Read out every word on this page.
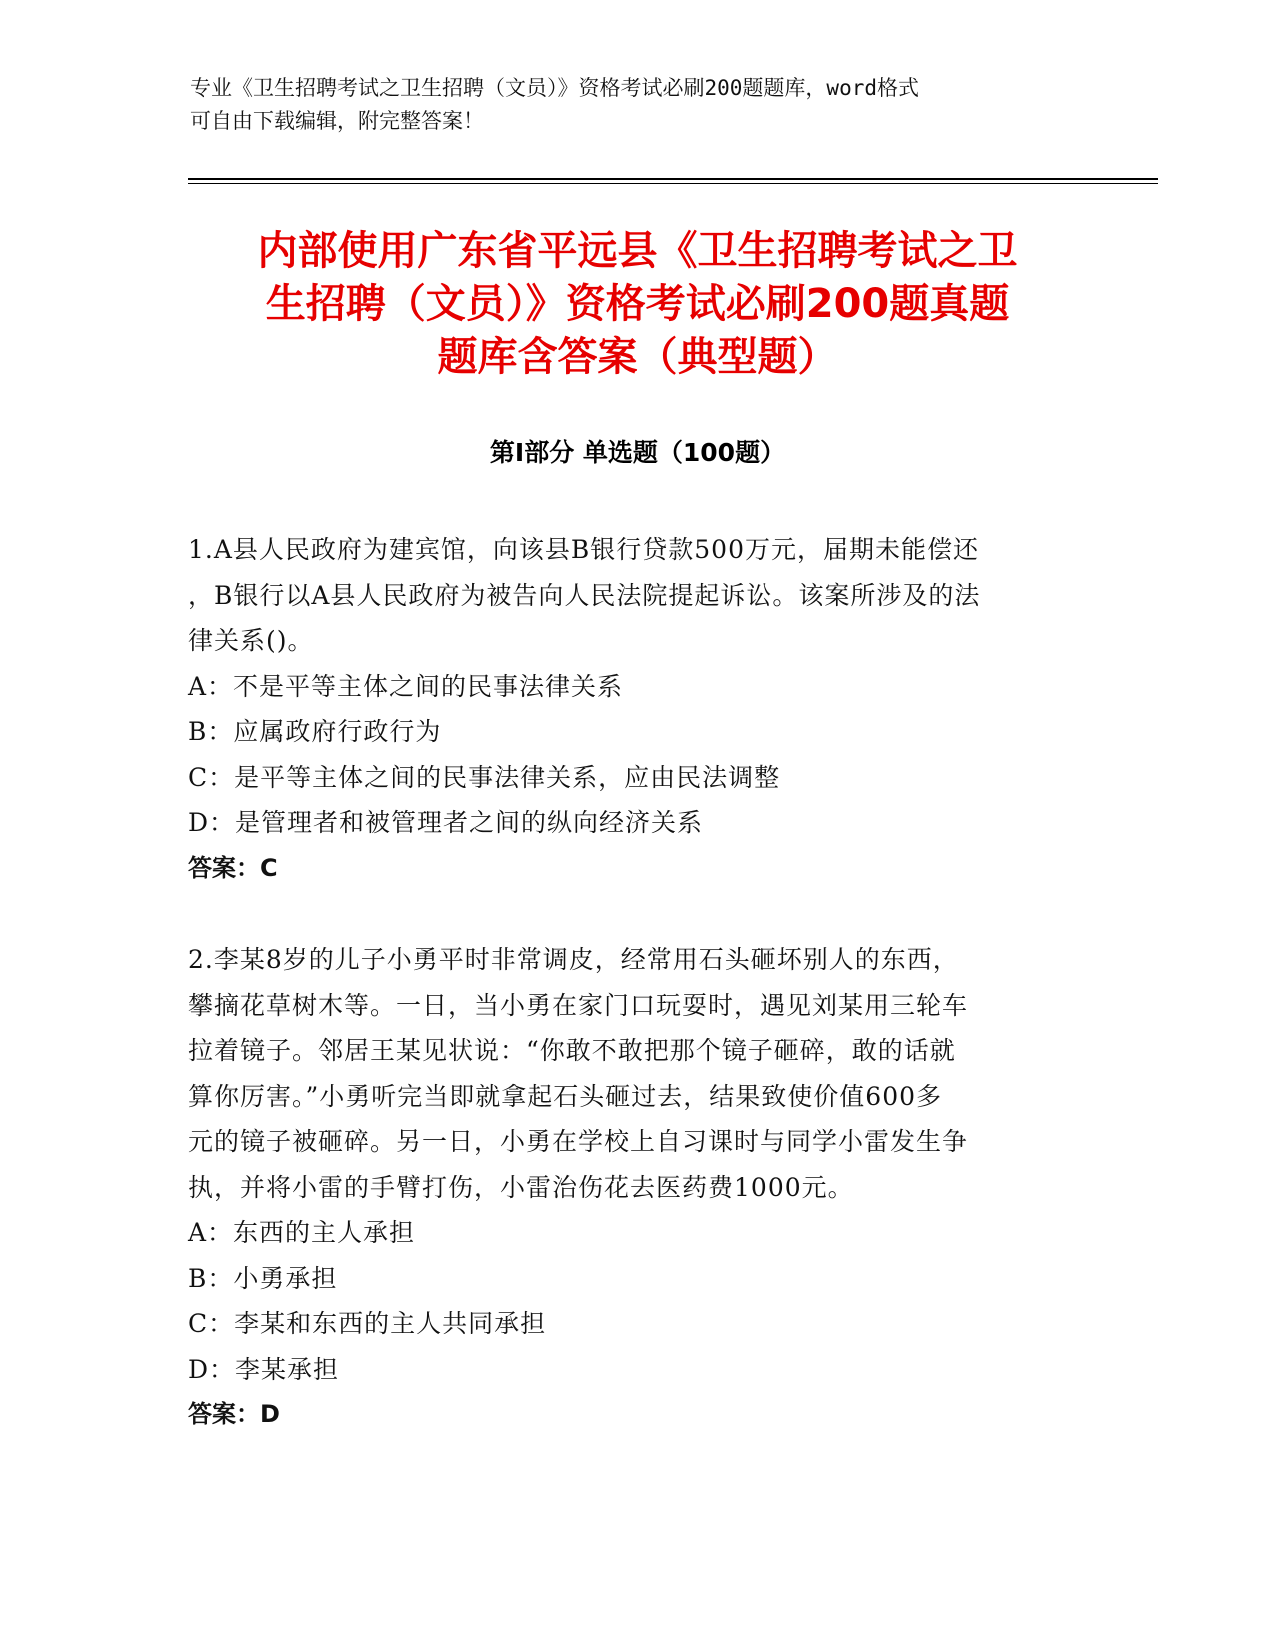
专业《卫生招聘考试之卫生招聘（文员）》资格考试必刷200题题库，word格式
可自由下载编辑，附完整答案！
内部使用广东省平远县《卫生招聘考试之卫
生招聘（文员）》资格考试必刷200题真题
题库含答案（典型题）
第Ⅰ部分 单选题（100题）
1.A县人民政府为建宾馆，向该县B银行贷款500万元，届期未能偿还
，B银行以A县人民政府为被告向人民法院提起诉讼。该案所涉及的法
律关系()。
A：不是平等主体之间的民事法律关系
B：应属政府行政行为
C：是平等主体之间的民事法律关系，应由民法调整
D：是管理者和被管理者之间的纵向经济关系
答案：C
2.李某8岁的儿子小勇平时非常调皮，经常用石头砸坏别人的东西，
攀摘花草树木等。一日，当小勇在家门口玩耍时，遇见刘某用三轮车
拉着镜子。邻居王某见状说：“你敢不敢把那个镜子砸碎，敢的话就
算你厉害。”小勇听完当即就拿起石头砸过去，结果致使价值600多
元的镜子被砸碎。另一日，小勇在学校上自习课时与同学小雷发生争
执，并将小雷的手臂打伤，小雷治伤花去医药费1000元。
A：东西的主人承担
B：小勇承担
C：李某和东西的主人共同承担
D：李某承担
答案：D
